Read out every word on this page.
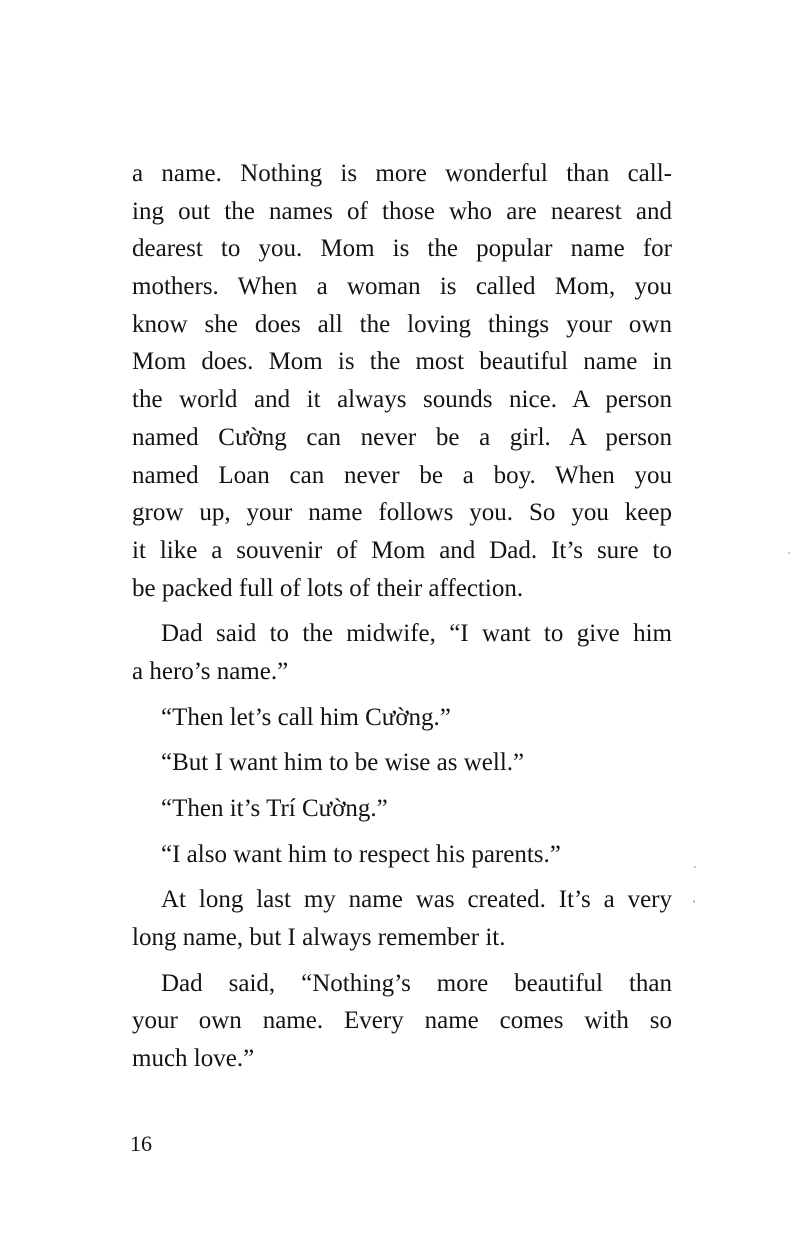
a name. Nothing is more wonderful than call-
ing out the names of those who are nearest and
dearest to you. Mom is the popular name for
mothers. When a woman is called Mom, you
know she does all the loving things your own
Mom does. Mom is the most beautiful name in
the world and it always sounds nice. A person
named Cường can never be a girl. A person
named Loan can never be a boy. When you
grow up, your name follows you. So you keep
it like a souvenir of Mom and Dad. It’s sure to
be packed full of lots of their affection.
Dad said to the midwife, “I want to give him
a hero’s name.”
“Then let’s call him Cường.”
“But I want him to be wise as well.”
“Then it’s Trí Cường.”
“I also want him to respect his parents.”
At long last my name was created. It’s a very
long name, but I always remember it.
Dad said, “Nothing’s more beautiful than
your own name. Every name comes with so
much love.”
16
